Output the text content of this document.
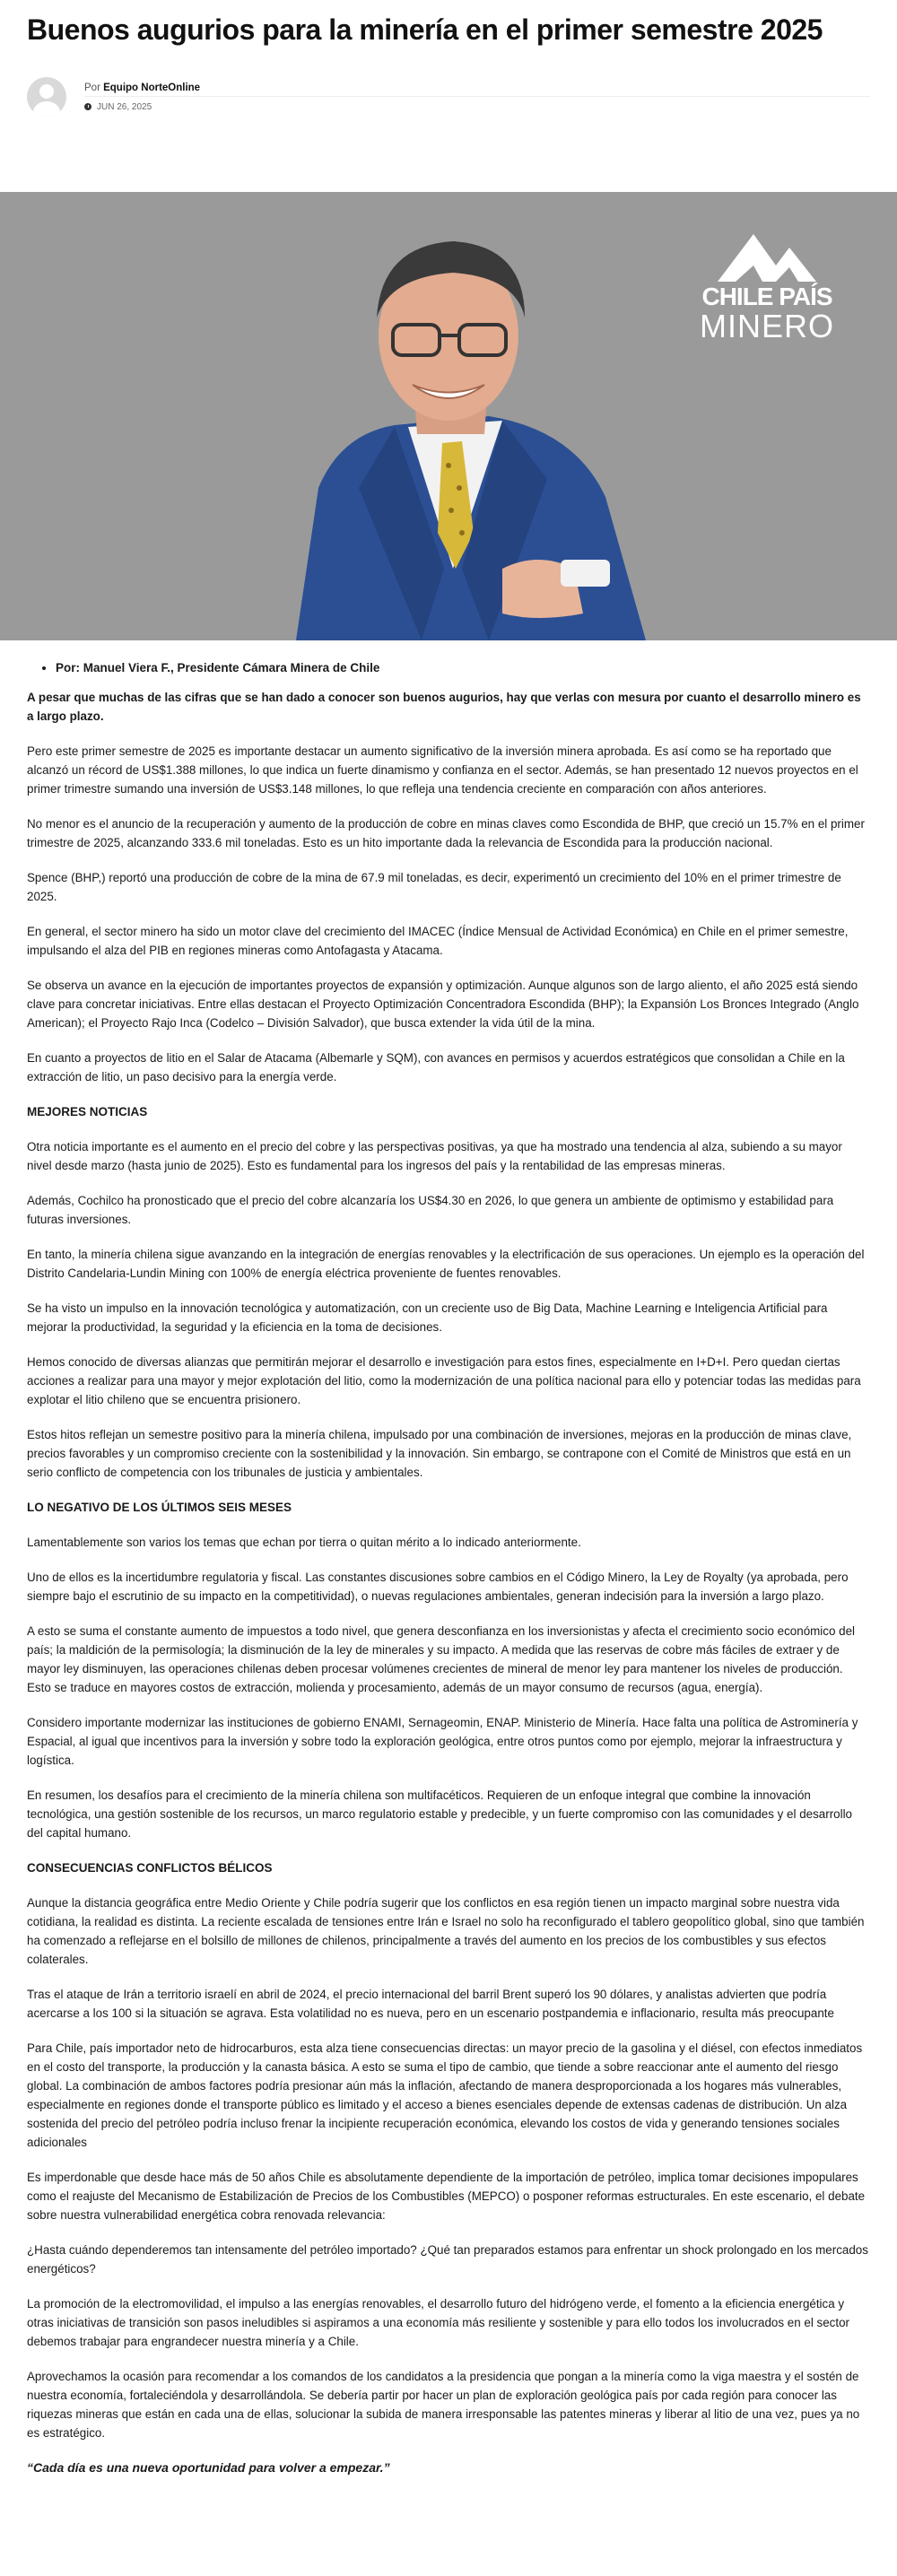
Buenos augurios para la minería en el primer semestre 2025
Por Equipo NorteOnline
JUN 26, 2025
CHILE PAÍS
MINERO
Por: Manuel Viera F., Presidente Cámara Minera de Chile

A pesar que muchas de las cifras que se han dado a conocer son buenos augurios, hay que verlas con mesura por cuanto el desarrollo minero es a largo plazo.

Pero este primer semestre de 2025 es importante destacar un aumento significativo de la inversión minera aprobada. Es así como se ha reportado que alcanzó un récord de US$1.388 millones, lo que indica un fuerte dinamismo y confianza en el sector. Además, se han presentado 12 nuevos proyectos en el primer trimestre sumando una inversión de US$3.148 millones, lo que refleja una tendencia creciente en comparación con años anteriores.

No menor es el anuncio de la recuperación y aumento de la producción de cobre en minas claves como Escondida de BHP, que creció un 15.7% en el primer trimestre de 2025, alcanzando 333.6 mil toneladas. Esto es un hito importante dada la relevancia de Escondida para la producción nacional.

Spence (BHP,) reportó una producción de cobre de la mina de 67.9 mil toneladas, es decir, experimentó un crecimiento del 10% en el primer trimestre de 2025.

En general, el sector minero ha sido un motor clave del crecimiento del IMACEC (Índice Mensual de Actividad Económica) en Chile en el primer semestre, impulsando el alza del PIB en regiones mineras como Antofagasta y Atacama.

Se observa un avance en la ejecución de importantes proyectos de expansión y optimización. Aunque algunos son de largo aliento, el año 2025 está siendo clave para concretar iniciativas. Entre ellas destacan el Proyecto Optimización Concentradora Escondida (BHP); la Expansión Los Bronces Integrado (Anglo American); el Proyecto Rajo Inca (Codelco – División Salvador), que busca extender la vida útil de la mina.

En cuanto a proyectos de litio en el Salar de Atacama (Albemarle y SQM), con avances en permisos y acuerdos estratégicos que consolidan a Chile en la extracción de litio, un paso decisivo para la energía verde.

MEJORES NOTICIAS

Otra noticia importante es el aumento en el precio del cobre y las perspectivas positivas, ya que ha mostrado una tendencia al alza, subiendo a su mayor nivel desde marzo (hasta junio de 2025). Esto es fundamental para los ingresos del país y la rentabilidad de las empresas mineras.

Además, Cochilco ha pronosticado que el precio del cobre alcanzaría los US$4.30 en 2026, lo que genera un ambiente de optimismo y estabilidad para futuras inversiones.

En tanto, la minería chilena sigue avanzando en la integración de energías renovables y la electrificación de sus operaciones. Un ejemplo es la operación del Distrito Candelaria-Lundin Mining con 100% de energía eléctrica proveniente de fuentes renovables.

Se ha visto un impulso en la innovación tecnológica y automatización, con un creciente uso de Big Data, Machine Learning e Inteligencia Artificial para mejorar la productividad, la seguridad y la eficiencia en la toma de decisiones.

Hemos conocido de diversas alianzas que permitirán mejorar el desarrollo e investigación para estos fines, especialmente en I+D+I. Pero quedan ciertas acciones a realizar para una mayor y mejor explotación del litio, como la modernización de una política nacional para ello y potenciar todas las medidas para explotar el litio chileno que se encuentra prisionero.

Estos hitos reflejan un semestre positivo para la minería chilena, impulsado por una combinación de inversiones, mejoras en la producción de minas clave, precios favorables y un compromiso creciente con la sostenibilidad y la innovación. Sin embargo, se contrapone con el Comité de Ministros que está en un serio conflicto de competencia con los tribunales de justicia y ambientales.

LO NEGATIVO DE LOS ÚLTIMOS SEIS MESES

Lamentablemente son varios los temas que echan por tierra o quitan mérito a lo indicado anteriormente.

Uno de ellos es la incertidumbre regulatoria y fiscal. Las constantes discusiones sobre cambios en el Código Minero, la Ley de Royalty (ya aprobada, pero siempre bajo el escrutinio de su impacto en la competitividad), o nuevas regulaciones ambientales, generan indecisión para la inversión a largo plazo.

A esto se suma el constante aumento de impuestos a todo nivel, que genera desconfianza en los inversionistas y afecta el crecimiento socio económico del país; la maldición de la permisología; la disminución de la ley de minerales y su impacto. A medida que las reservas de cobre más fáciles de extraer y de mayor ley disminuyen, las operaciones chilenas deben procesar volúmenes crecientes de mineral de menor ley para mantener los niveles de producción. Esto se traduce en mayores costos de extracción, molienda y procesamiento, además de un mayor consumo de recursos (agua, energía).

Considero importante modernizar las instituciones de gobierno ENAMI, Sernageomin, ENAP. Ministerio de Minería. Hace falta una política de Astrominería y Espacial, al igual que incentivos para la inversión y sobre todo la exploración geológica, entre otros puntos como por ejemplo, mejorar la infraestructura y logística.

En resumen, los desafíos para el crecimiento de la minería chilena son multifacéticos. Requieren de un enfoque integral que combine la innovación tecnológica, una gestión sostenible de los recursos, un marco regulatorio estable y predecible, y un fuerte compromiso con las comunidades y el desarrollo del capital humano.

CONSECUENCIAS CONFLICTOS BÉLICOS

Aunque la distancia geográfica entre Medio Oriente y Chile podría sugerir que los conflictos en esa región tienen un impacto marginal sobre nuestra vida cotidiana, la realidad es distinta. La reciente escalada de tensiones entre Irán e Israel no solo ha reconfigurado el tablero geopolítico global, sino que también ha comenzado a reflejarse en el bolsillo de millones de chilenos, principalmente a través del aumento en los precios de los combustibles y sus efectos colaterales.

Tras el ataque de Irán a territorio israelí en abril de 2024, el precio internacional del barril Brent superó los 90 dólares, y analistas advierten que podría acercarse a los 100 si la situación se agrava. Esta volatilidad no es nueva, pero en un escenario postpandemia e inflacionario, resulta más preocupante

Para Chile, país importador neto de hidrocarburos, esta alza tiene consecuencias directas: un mayor precio de la gasolina y el diésel, con efectos inmediatos en el costo del transporte, la producción y la canasta básica. A esto se suma el tipo de cambio, que tiende a sobre reaccionar ante el aumento del riesgo global. La combinación de ambos factores podría presionar aún más la inflación, afectando de manera desproporcionada a los hogares más vulnerables, especialmente en regiones donde el transporte público es limitado y el acceso a bienes esenciales depende de extensas cadenas de distribución. Un alza sostenida del precio del petróleo podría incluso frenar la incipiente recuperación económica, elevando los costos de vida y generando tensiones sociales adicionales

Es imperdonable que desde hace más de 50 años Chile es absolutamente dependiente de la importación de petróleo, implica tomar decisiones impopulares como el reajuste del Mecanismo de Estabilización de Precios de los Combustibles (MEPCO) o posponer reformas estructurales. En este escenario, el debate sobre nuestra vulnerabilidad energética cobra renovada relevancia:

¿Hasta cuándo dependeremos tan intensamente del petróleo importado? ¿Qué tan preparados estamos para enfrentar un shock prolongado en los mercados energéticos?

La promoción de la electromovilidad, el impulso a las energías renovables, el desarrollo futuro del hidrógeno verde, el fomento a la eficiencia energética y otras iniciativas de transición son pasos ineludibles si aspiramos a una economía más resiliente y sostenible y para ello todos los involucrados en el sector debemos trabajar para engrandecer nuestra minería y a Chile.

Aprovechamos la ocasión para recomendar a los comandos de los candidatos a la presidencia que pongan a la minería como la viga maestra y el sostén de nuestra economía, fortaleciéndola y desarrollándola. Se debería partir por hacer un plan de exploración geológica país por cada región para conocer las riquezas mineras que están en cada una de ellas, solucionar la subida de manera irresponsable las patentes mineras y liberar al litio de una vez, pues ya no es estratégico.

“Cada día es una nueva oportunidad para volver a empezar.”
